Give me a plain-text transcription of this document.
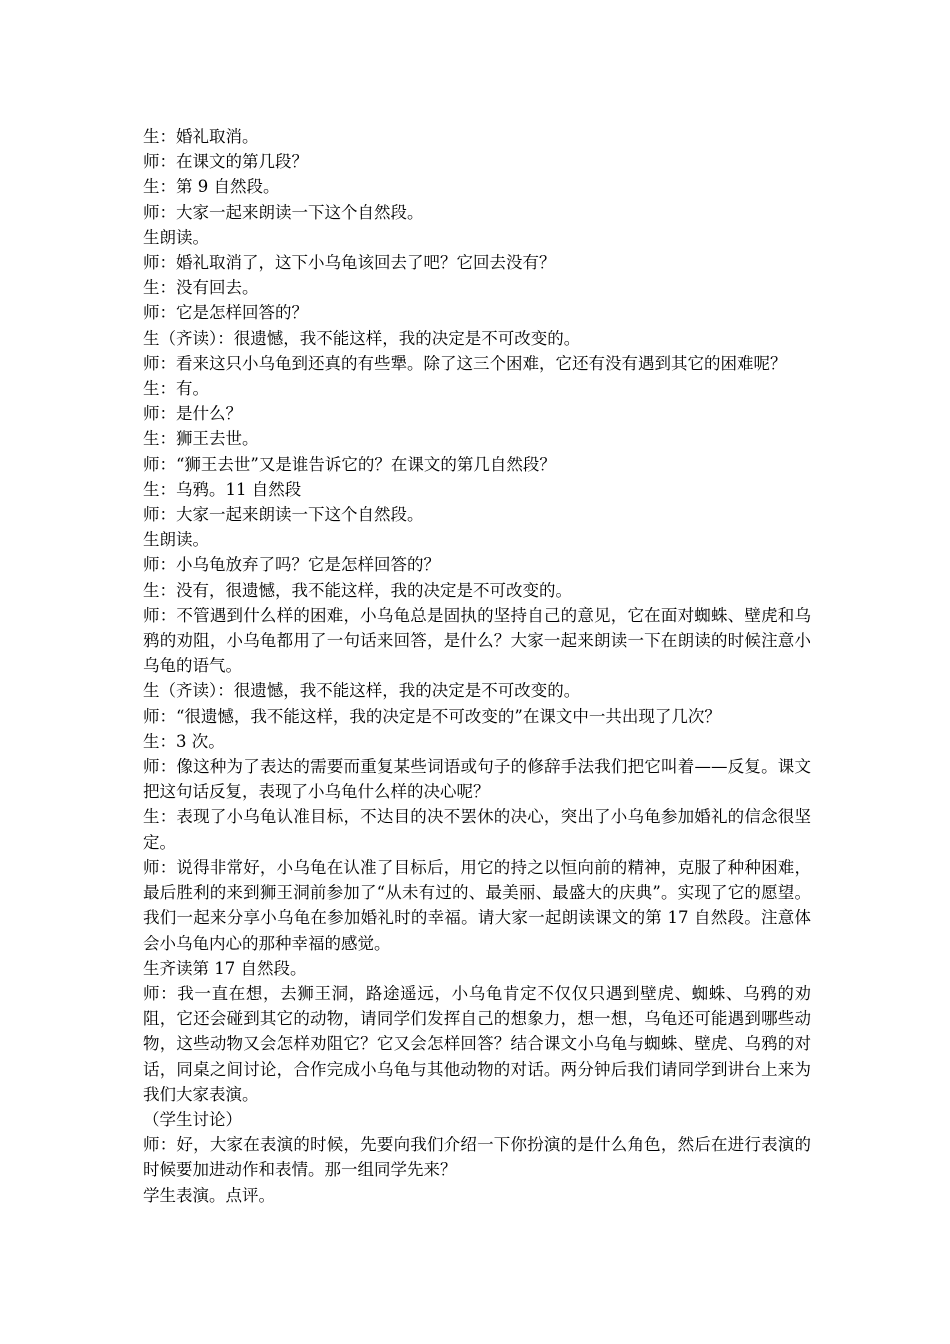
生：婚礼取消。

师：在课文的第几段？

生：第 9 自然段。

师：大家一起来朗读一下这个自然段。

生朗读。

师：婚礼取消了，这下小乌龟该回去了吧？它回去没有？

生：没有回去。

师：它是怎样回答的？

生（齐读）：很遗憾，我不能这样，我的决定是不可改变的。

师：看来这只小乌龟到还真的有些犟。除了这三个困难，它还有没有遇到其它的困难呢？

生：有。

师：是什么？

生：狮王去世。

师：“狮王去世”又是谁告诉它的？在课文的第几自然段？

生：乌鸦。11 自然段

师：大家一起来朗读一下这个自然段。

生朗读。

师：小乌龟放弃了吗？它是怎样回答的？

生：没有，很遗憾，我不能这样，我的决定是不可改变的。

师：不管遇到什么样的困难，小乌龟总是固执的坚持自己的意见，它在面对蜘蛛、壁虎和乌鸦的劝阻，小乌龟都用了一句话来回答，是什么？大家一起来朗读一下在朗读的时候注意小乌龟的语气。

生（齐读）：很遗憾，我不能这样，我的决定是不可改变的。

师：“很遗憾，我不能这样，我的决定是不可改变的”在课文中一共出现了几次？

生：3 次。

师：像这种为了表达的需要而重复某些词语或句子的修辞手法我们把它叫着——反复。课文把这句话反复，表现了小乌龟什么样的决心呢？

生：表现了小乌龟认准目标，不达目的决不罢休的决心，突出了小乌龟参加婚礼的信念很坚定。

师：说得非常好，小乌龟在认准了目标后，用它的持之以恒向前的精神，克服了种种困难，最后胜利的来到狮王洞前参加了“从未有过的、最美丽、最盛大的庆典”。实现了它的愿望。我们一起来分享小乌龟在参加婚礼时的幸福。请大家一起朗读课文的第 17 自然段。注意体会小乌龟内心的那种幸福的感觉。

生齐读第 17 自然段。

师：我一直在想，去狮王洞，路途遥远，小乌龟肯定不仅仅只遇到壁虎、蜘蛛、乌鸦的劝阻，它还会碰到其它的动物，请同学们发挥自己的想象力，想一想，乌龟还可能遇到哪些动物，这些动物又会怎样劝阻它？它又会怎样回答？结合课文小乌龟与蜘蛛、壁虎、乌鸦的对话，同桌之间讨论，合作完成小乌龟与其他动物的对话。两分钟后我们请同学到讲台上来为我们大家表演。

（学生讨论）

师：好，大家在表演的时候，先要向我们介绍一下你扮演的是什么角色，然后在进行表演的时候要加进动作和表情。那一组同学先来？

学生表演。点评。
